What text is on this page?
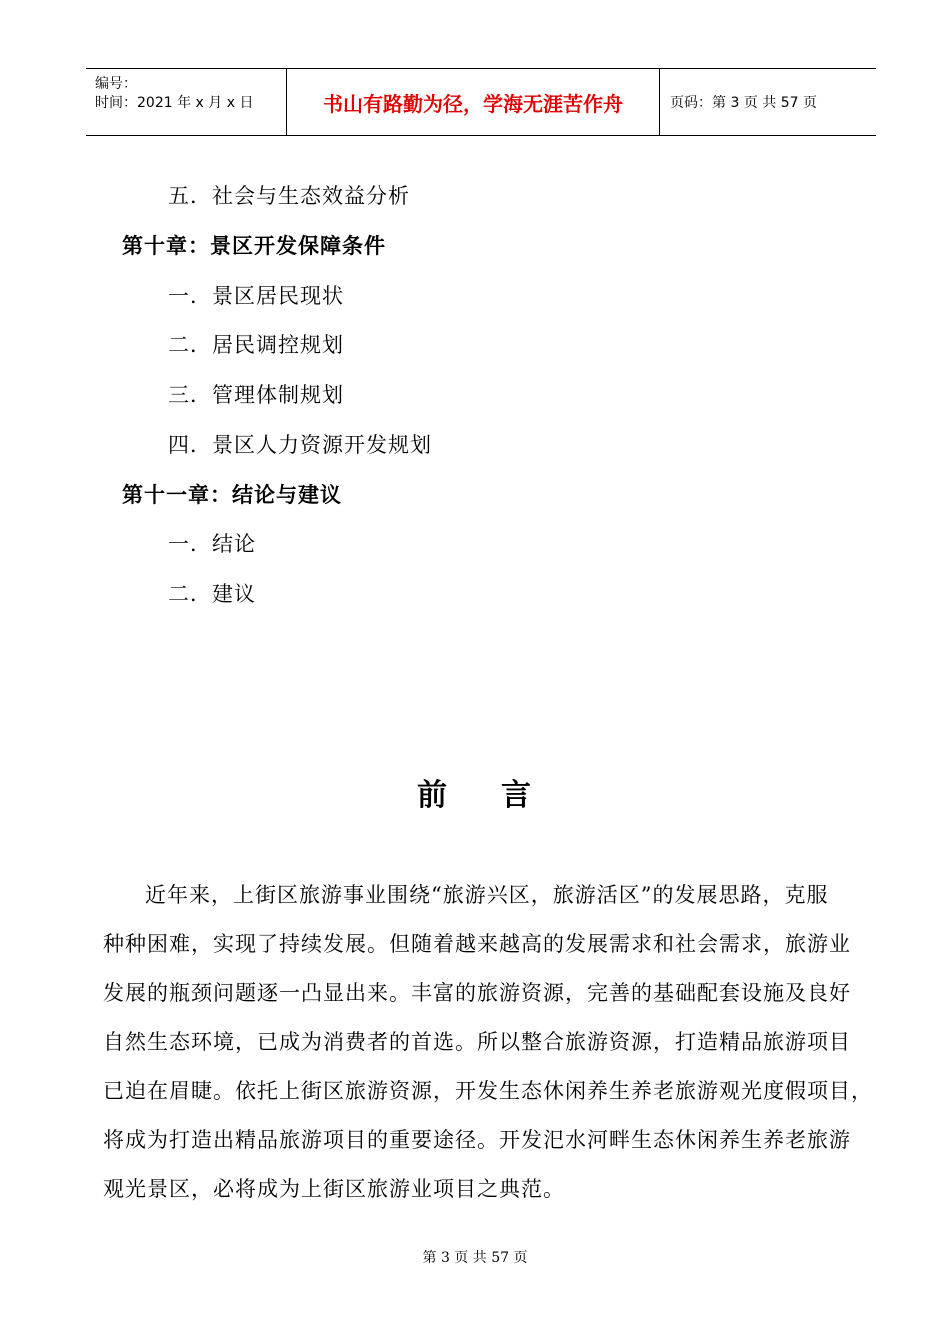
编号：
时间：2021 年 x 月 x 日	书山有路勤为径，学海无涯苦作舟	页码：第 3 页 共 57 页
五．社会与生态效益分析
第十章：景区开发保障条件
一．景区居民现状
二．居民调控规划
三．管理体制规划
四．景区人力资源开发规划
第十一章：结论与建议
一．结论
二．建议
前 言
近年来，上街区旅游事业围绕“旅游兴区，旅游活区”的发展思路，克服
种种困难，实现了持续发展。但随着越来越高的发展需求和社会需求，旅游业
发展的瓶颈问题逐一凸显出来。丰富的旅游资源，完善的基础配套设施及良好
自然生态环境，已成为消费者的首选。所以整合旅游资源，打造精品旅游项目
已迫在眉睫。依托上街区旅游资源，开发生态休闲养生养老旅游观光度假项目，
将成为打造出精品旅游项目的重要途径。开发汜水河畔生态休闲养生养老旅游
观光景区，必将成为上街区旅游业项目之典范。
第 3 页 共 57 页
